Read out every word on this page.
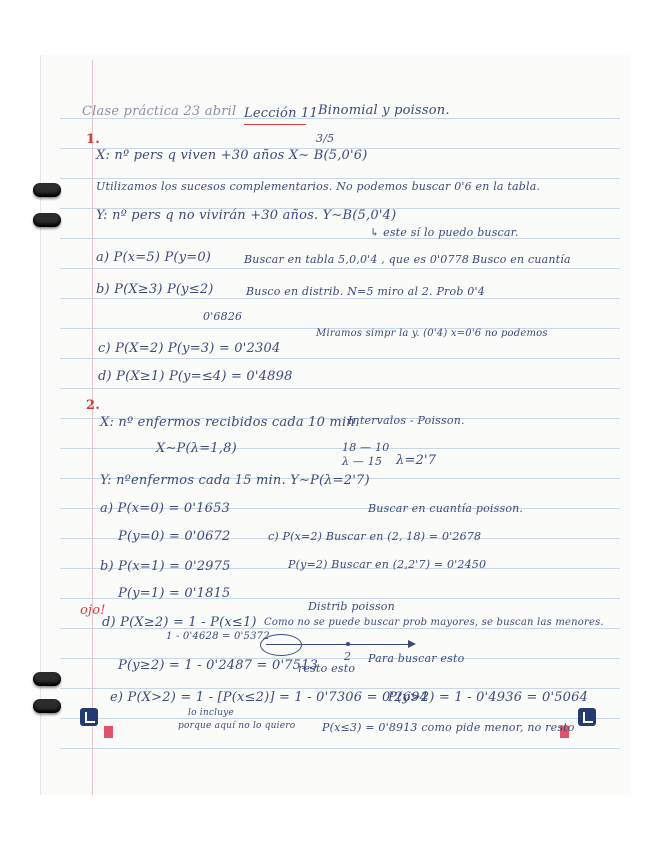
Clase práctica 23 abril Lección 11 Binomial y poisson.
3/5
1.
X: nº pers q viven +30 años X∼ B(5,0'6)
Utilizamos los sucesos complementarios. No podemos buscar 0'6 en la tabla.
Y: nº pers q no vivirán +30 años. Y∼B(5,0'4)
↳ este sí lo puedo buscar.
a) P(x=5) P(y=0)	Buscar en tabla 5,0,0'4 , que es 0'0778 Busco en cuantía
b) P(X≥3) P(y≤2)	Busco en distrib. N=5 miro al 2. Prob 0'4
0'6826
Miramos simpr la y. (0'4) x=0'6 no podemos
c) P(X=2) P(y=3) = 0'2304
d) P(X≥1) P(y=≤4) = 0'4898
2.
X: nº enfermos recibidos cada 10 min.
Intervalos - Poisson.
X∼P(λ=1,8)	18 — 10
λ — 15 λ=2'7
Y: nºenfermos cada 15 min. Y∼P(λ=2'7)
a) P(x=0) = 0'1653	Buscar en cuantía poisson.
P(y=0) = 0'0672	c) P(x=2) Buscar en (2, 18) = 0'2678
b) P(x=1) = 0'2975	P(y=2) Buscar en (2,2'7) = 0'2450
P(y=1) = 0'1815
ojo!	Distrib poisson
d) P(X≥2) = 1 - P(x≤1) Como no se puede buscar prob mayores, se buscan las menores.
1 - 0'4628 = 0'5372
2 Para buscar esto
P(y≥2) = 1 - 0'2487 = 0'7513
resto esto
e) P(X>2) = 1 - [P(x≤2)] = 1 - 0'7306 = 0'2694
P(y>2) = 1 - 0'4936 = 0'5064
lo incluye
porque aquí no lo quiero P(x≤3) = 0'8913 como pide menor, no resto
